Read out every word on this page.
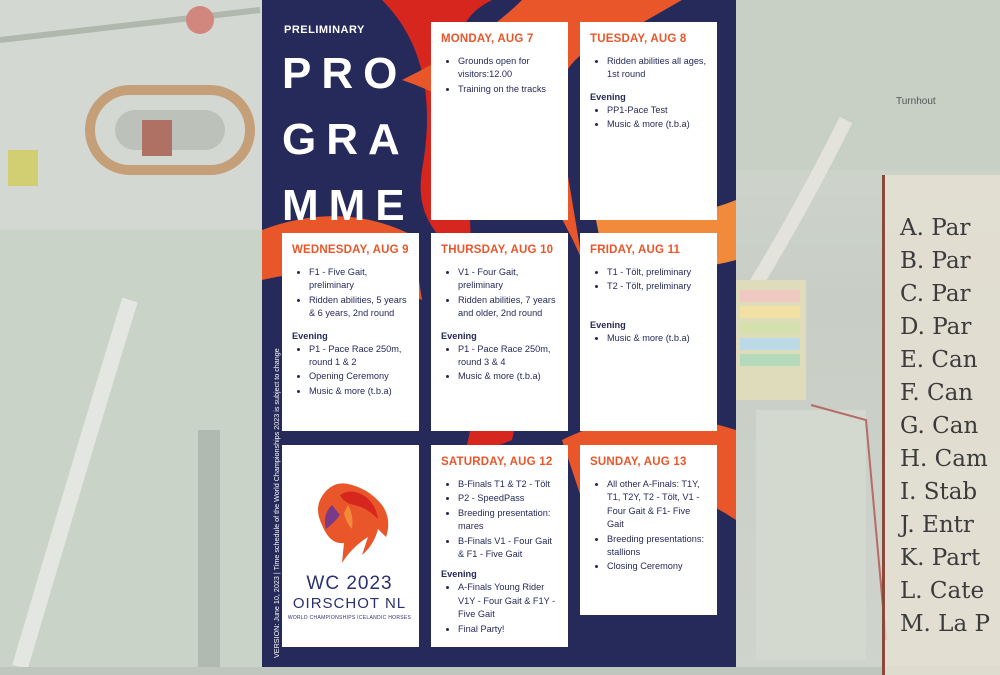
A. Par
B. Par
C. Par
D. Par
E. Can
F. Can
G. Can
H. Cam
I. Stab
J. Entr
K. Part
L. Cate
M. La P
Turnhout
PRELIMINARY
PRO
GRA
MME
VERSION: June 10, 2023 | Time schedule of the World Championships 2023 is subject to change
MONDAY, AUG 7
• Grounds open for visitors:12.00
• Training on the tracks
TUESDAY, AUG 8
• Ridden abilities all ages, 1st round
Evening
• PP1-Pace Test
• Music & more (t.b.a)
WEDNESDAY, AUG 9
• F1 - Five Gait, preliminary
• Ridden abilities, 5 years & 6 years, 2nd round
Evening
• P1 - Pace Race 250m, round 1 & 2
• Opening Ceremony
• Music & more (t.b.a)
THURSDAY, AUG 10
• V1 - Four Gait, preliminary
• Ridden abilities, 7 years and older, 2nd round
Evening
• P1 - Pace Race 250m, round 3 & 4
• Music & more (t.b.a)
FRIDAY, AUG 11
• T1 - Tölt, preliminary
• T2 - Tölt, preliminary
Evening
• Music & more (t.b.a)
WC 2023
OIRSCHOT NL
WORLD CHAMPIONSHIPS ICELANDIC HORSES
SATURDAY, AUG 12
• B-Finals T1 & T2 - Tölt
• P2 - SpeedPass
• Breeding presentation: mares
• B-Finals V1 - Four Gait & F1 - Five Gait
Evening
• A-Finals Young Rider V1Y - Four Gait & F1Y - Five Gait
• Final Party!
SUNDAY, AUG 13
• All other A-Finals: T1Y, T1, T2Y, T2 - Tölt, V1 - Four Gait & F1- Five Gait
• Breeding presentations: stallions
• Closing Ceremony
